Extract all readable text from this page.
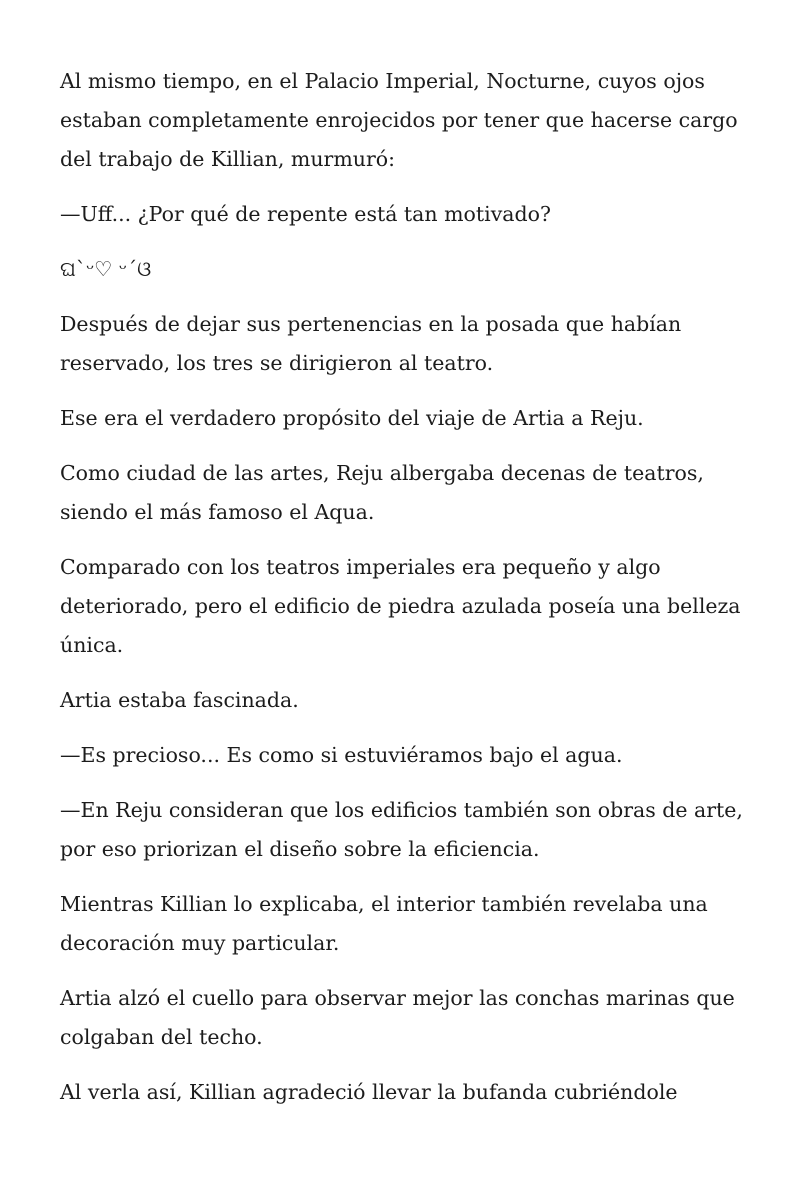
Al mismo tiempo, en el Palacio Imperial, Nocturne, cuyos ojos estaban completamente enrojecidos por tener que hacerse cargo del trabajo de Killian, murmuró:

—Uff... ¿Por qué de repente está tan motivado?

ଘ`ᵕ♡ ᵕ´ଓ

Después de dejar sus pertenencias en la posada que habían reservado, los tres se dirigieron al teatro.

Ese era el verdadero propósito del viaje de Artia a Reju.

Como ciudad de las artes, Reju albergaba decenas de teatros, siendo el más famoso el Aqua.

Comparado con los teatros imperiales era pequeño y algo deteriorado, pero el edificio de piedra azulada poseía una belleza única.

Artia estaba fascinada.

—Es precioso... Es como si estuviéramos bajo el agua.

—En Reju consideran que los edificios también son obras de arte, por eso priorizan el diseño sobre la eficiencia.

Mientras Killian lo explicaba, el interior también revelaba una decoración muy particular.

Artia alzó el cuello para observar mejor las conchas marinas que colgaban del techo.

Al verla así, Killian agradeció llevar la bufanda cubriéndole
